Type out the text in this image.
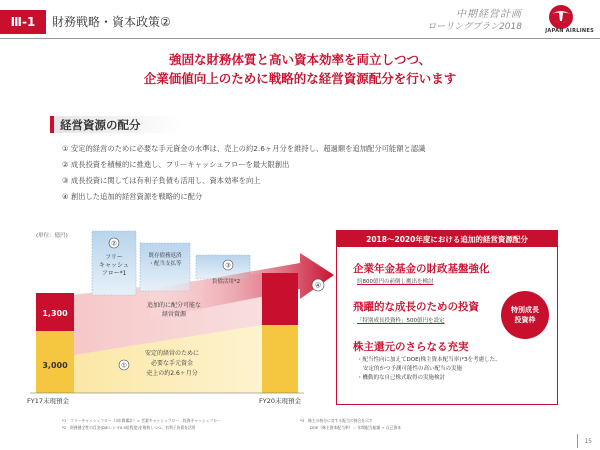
Ⅲ-1	財務戦略・資本政策②
中期経営計画
ローリングプラン2018	JAPAN AIRLINES
強固な財務体質と高い資本効率を両立しつつ、
企業価値向上のために戦略的な経営資源配分を行います
経営資源の配分
① 安定的経営のために必要な手元資金の水準は、売上の約2.6ヶ月分を維持し、超過額を追加配分可能額と認識
② 成長投資を積極的に推進し、フリーキャッシュフローを最大限創出
③ 成長投資に関しては有利子負債も活用し、資本効率を向上
④ 創出した追加的経営資源を戦略的に配分
(単位：億円)
1,300
3,000
②
フリー
キャッシュ
フロー*1
既存債務返済
・配当支払等	③
負債活用*2
追加的に配分可能な
経営資源
①
安定的経営のために
必要な手元資金
売上の約2.6ヶ月分
④
FY17末現預金	FY20末現預金
2018～2020年度における追加的経営資源配分
企業年金基金の財政基盤強化
約800億円の前倒し拠出を検討
飛躍的な成長のための投資
「特別成長投資枠」500億円を設定
特別成長
投資枠
株主還元のさらなる充実
・配当性向に加えてDOE(株主資本配当率)*3を考慮した、
安定的かつ予測可能性の高い配当の実施
・機動的な自己株式取得の実施検討
*1　フリーキャッシュフロー（3年間累計）= 営業キャッシュフロー - 投資キャッシュフロー
*2　財務健全性の目安(D/Eレシオ0.5倍程度)を維持しつつ、有利子負債を活用
*3　株主の持分に対する配当の割合を示す
DOE（株主資本配当率）＝ 年間配当総額 ÷ 自己資本
15
